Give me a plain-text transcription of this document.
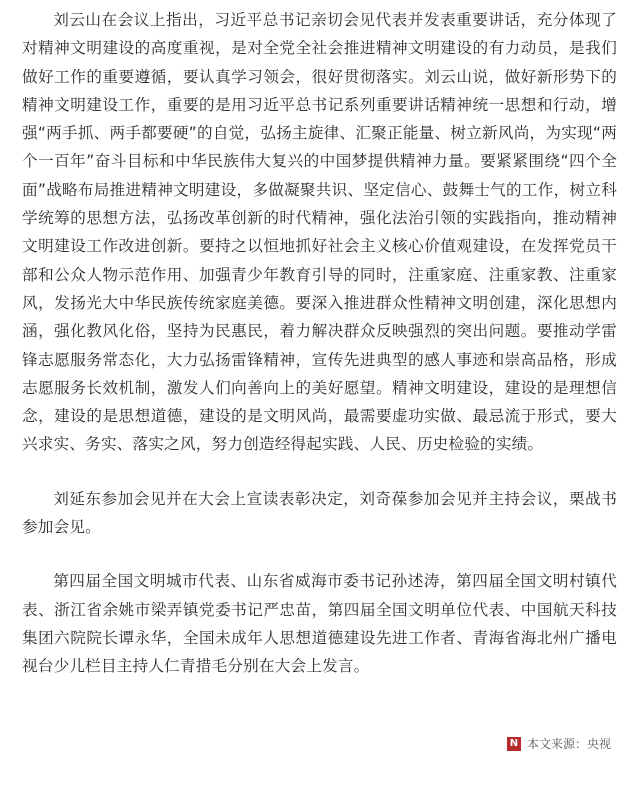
刘云山在会议上指出，习近平总书记亲切会见代表并发表重要讲话，充分体现了对精神文明建设的高度重视，是对全党全社会推进精神文明建设的有力动员，是我们做好工作的重要遵循，要认真学习领会，很好贯彻落实。刘云山说，做好新形势下的精神文明建设工作，重要的是用习近平总书记系列重要讲话精神统一思想和行动，增强“两手抓、两手都要硬”的自觉，弘扬主旋律、汇聚正能量、树立新风尚，为实现“两个一百年”奋斗目标和中华民族伟大复兴的中国梦提供精神力量。要紧紧围绕“四个全面”战略布局推进精神文明建设，多做凝聚共识、坚定信心、鼓舞士气的工作，树立科学统筹的思想方法，弘扬改革创新的时代精神，强化法治引领的实践指向，推动精神文明建设工作改进创新。要持之以恒地抓好社会主义核心价值观建设，在发挥党员干部和公众人物示范作用、加强青少年教育引导的同时，注重家庭、注重家教、注重家风，发扬光大中华民族传统家庭美德。要深入推进群众性精神文明创建，深化思想内涵，强化教风化俗，坚持为民惠民，着力解决群众反映强烈的突出问题。要推动学雷锋志愿服务常态化，大力弘扬雷锋精神，宣传先进典型的感人事迹和崇高品格，形成志愿服务长效机制，激发人们向善向上的美好愿望。精神文明建设，建设的是理想信念，建设的是思想道德，建设的是文明风尚，最需要虚功实做、最忌流于形式，要大兴求实、务实、落实之风，努力创造经得起实践、人民、历史检验的实绩。

刘延东参加会见并在大会上宣读表彰决定，刘奇葆参加会见并主持会议，栗战书参加会见。

第四届全国文明城市代表、山东省威海市委书记孙述涛，第四届全国文明村镇代表、浙江省余姚市梁弄镇党委书记严忠苗，第四届全国文明单位代表、中国航天科技集团六院院长谭永华，全国未成年人思想道德建设先进工作者、青海省海北州广播电视台少儿栏目主持人仁青措毛分别在大会上发言。

N 本文来源：央视
